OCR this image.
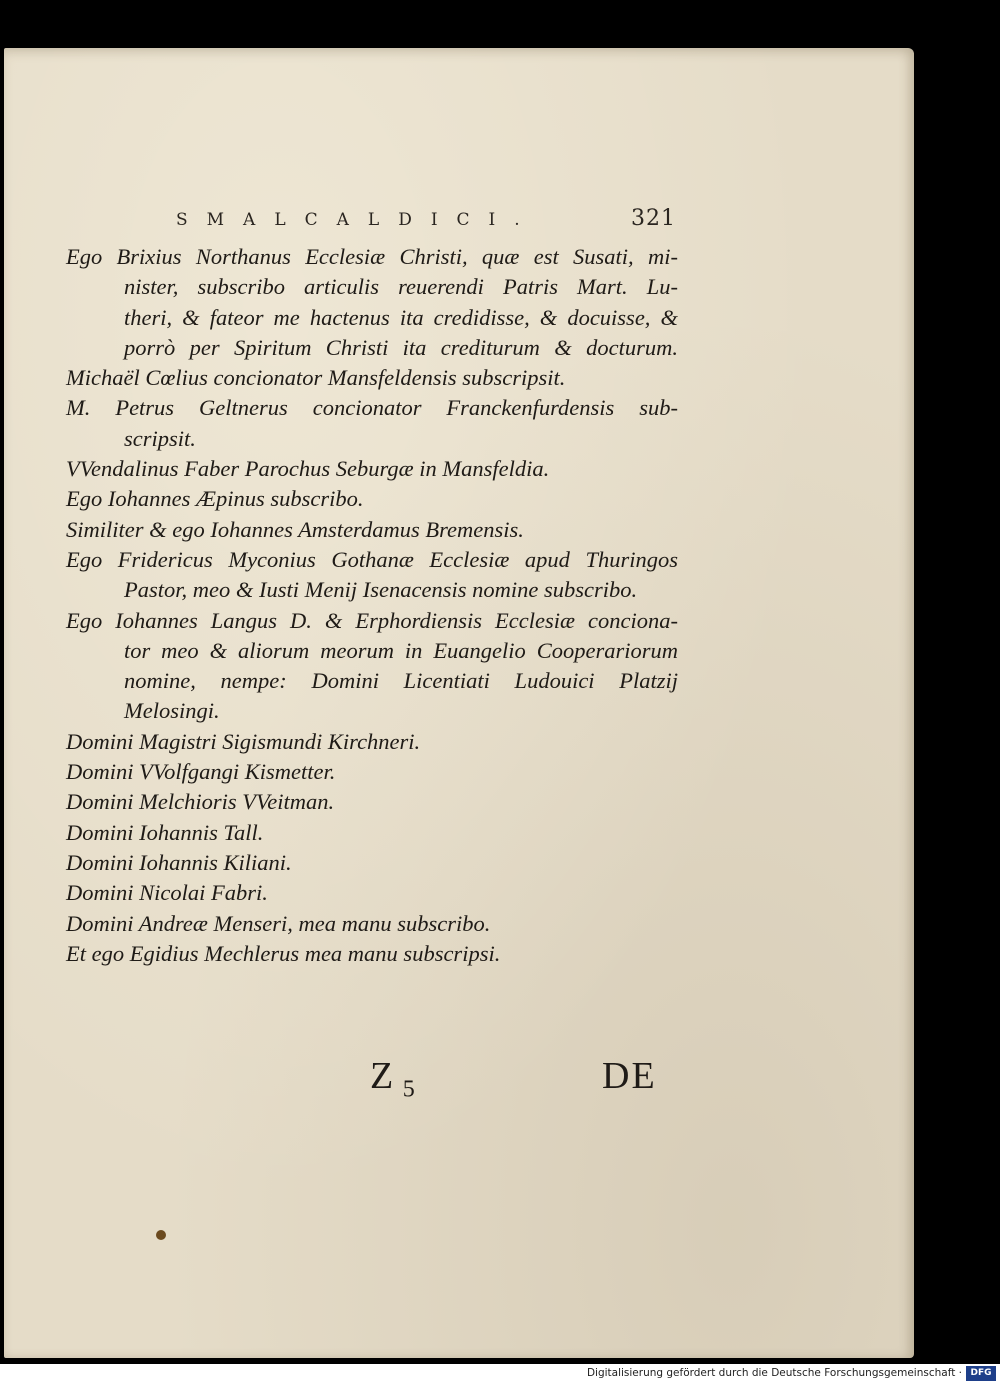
SMALCALDICI.	321
Ego Brixius Northanus Ecclesiæ Christi, quæ est Susati, mi-
nister, subscribo articulis reuerendi Patris Mart. Lu-
theri, & fateor me hactenus ita credidisse, & docuisse, &
porrò per Spiritum Christi ita crediturum & docturum.
Michaël Cœlius concionator Mansfeldensis subscripsit.
M. Petrus Geltnerus concionator Franckenfurdensis sub-
scripsit.
VVendalinus Faber Parochus Seburgæ in Mansfeldia.
Ego Iohannes Æpinus subscribo.
Similiter & ego Iohannes Amsterdamus Bremensis.
Ego Fridericus Myconius Gothanæ Ecclesiæ apud Thuringos
Pastor, meo & Iusti Menij Isenacensis nomine subscribo.
Ego Iohannes Langus D. & Erphordiensis Ecclesiæ conciona-
tor meo & aliorum meorum in Euangelio Cooperariorum
nomine, nempe: Domini Licentiati Ludouici Platzij
Melosingi.
Domini Magistri Sigismundi Kirchneri.
Domini VVolfgangi Kismetter.
Domini Melchioris VVeitman.
Domini Iohannis Tall.
Domini Iohannis Kiliani.
Domini Nicolai Fabri.
Domini Andreæ Menseri, mea manu subscribo.
Et ego Egidius Mechlerus mea manu subscripsi.
Z $_5$	DE
Digitalisierung gefördert durch die Deutsche Forschungsgemeinschaft · DFG
